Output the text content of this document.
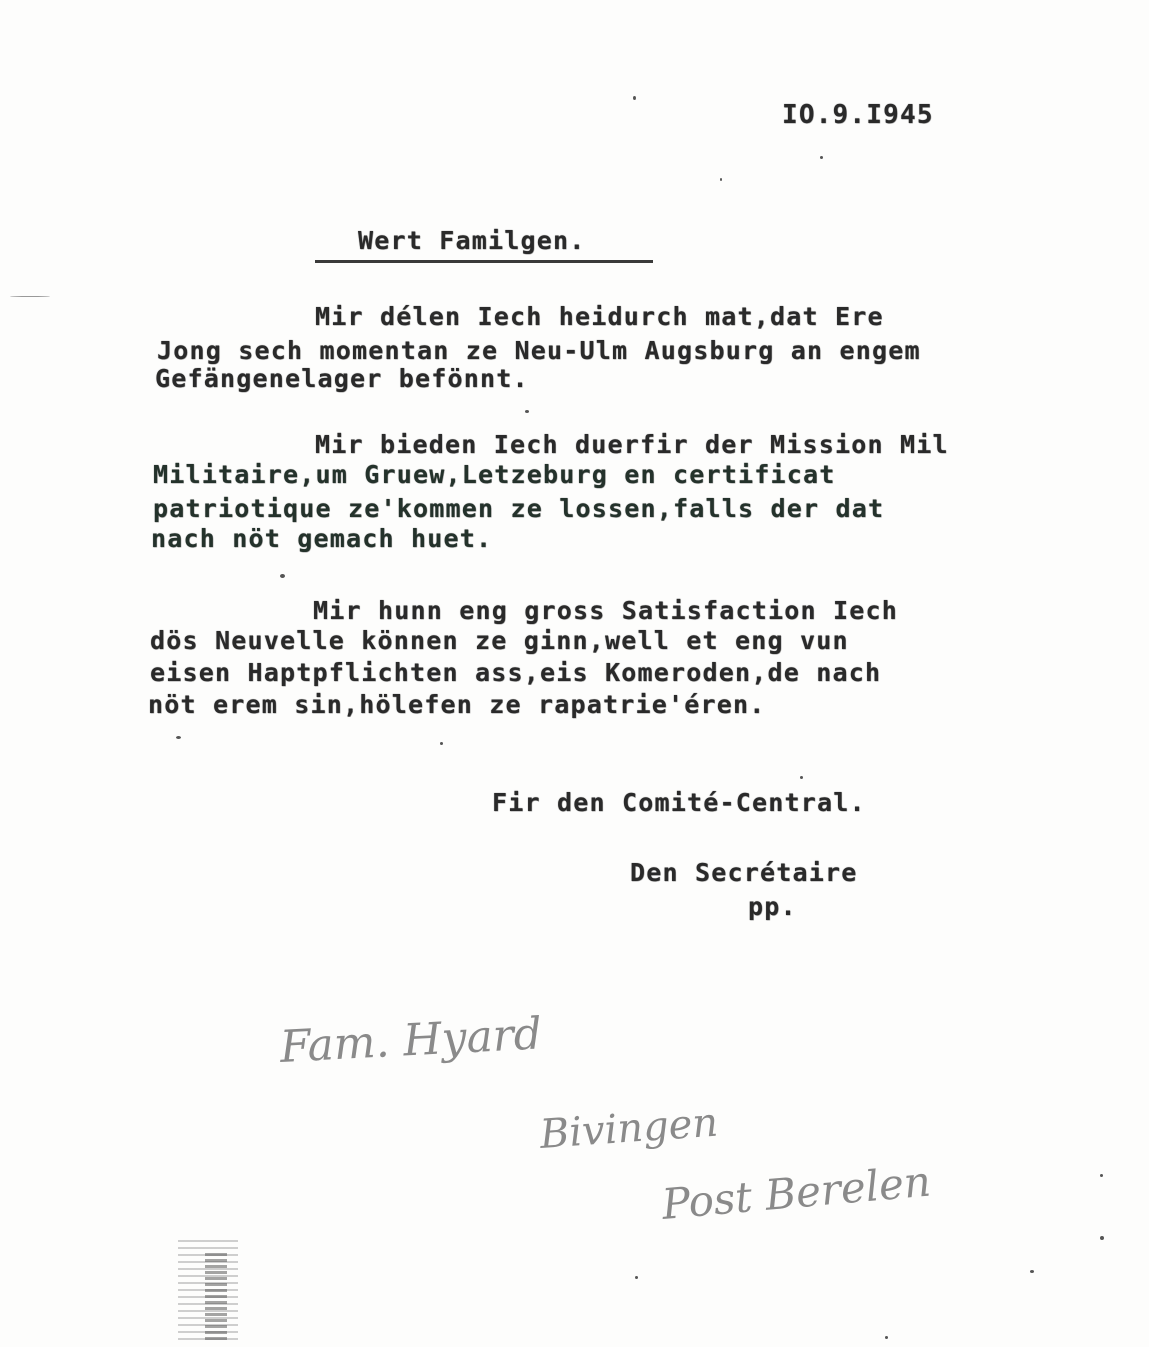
IO.9.I945
Wert Familgen.
Mir délen Iech heidurch mat,dat Ere
Jong sech momentan ze Neu-Ulm Augsburg an engem
Gefängenelager befönnt.
Mir bieden Iech duerfir der Mission Mil
Militaire,um Gruew,Letzeburg en certificat
patriotique ze'kommen ze lossen,falls der dat
nach nöt gemach huet.
Mir hunn eng gross Satisfaction Iech
dös Neuvelle können ze ginn,well et eng vun
eisen Haptpflichten ass,eis Komeroden,de nach
nöt erem sin,hölefen ze rapatrie'éren.
Fir den Comité-Central.
Den Secrétaire
pp.
Fam. Hyard
Bivingen
Post Berelen
